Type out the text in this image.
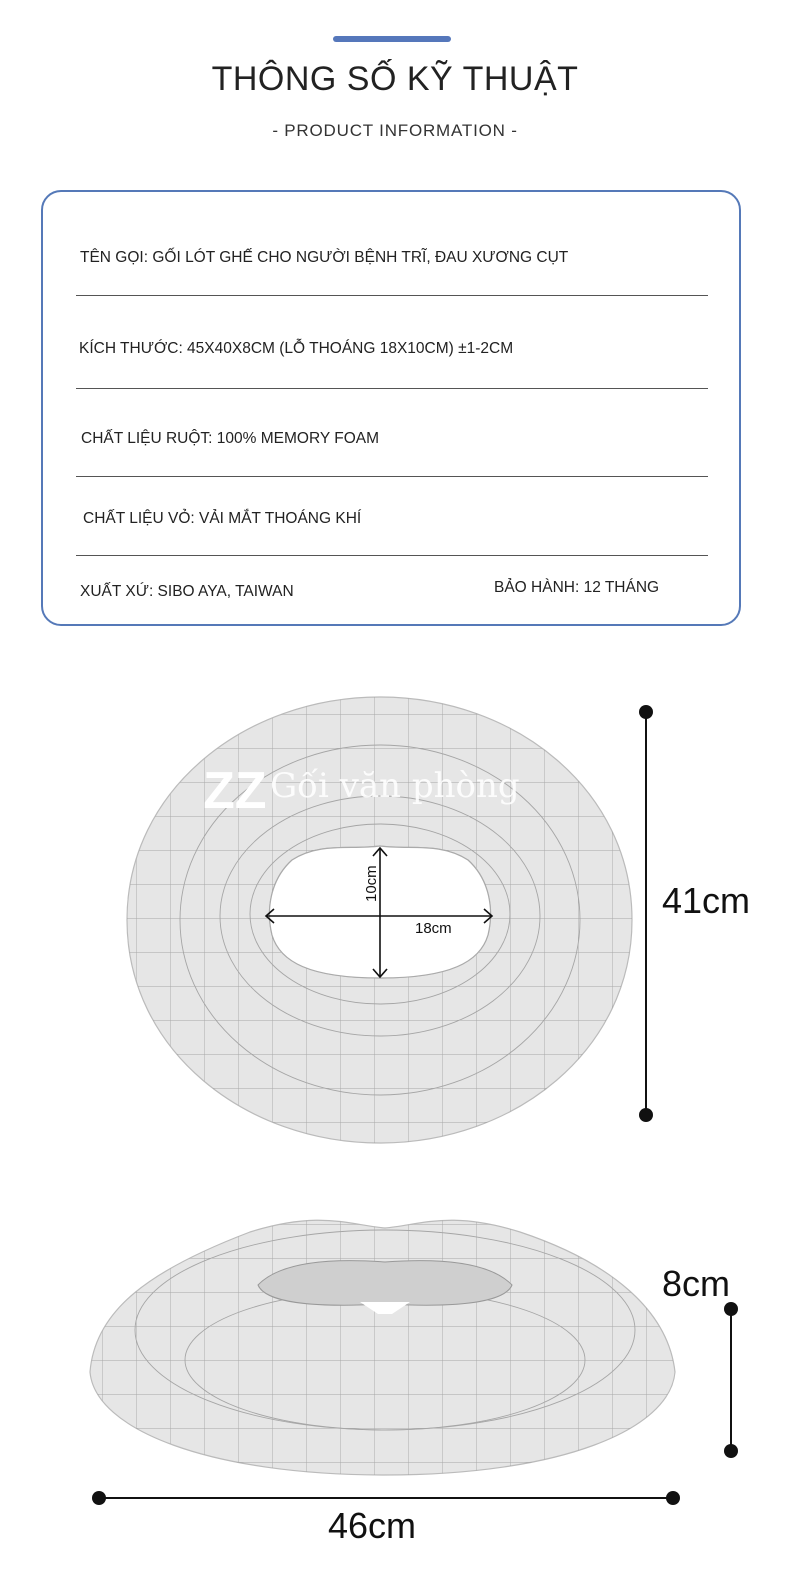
THÔNG SỐ KỸ THUẬT
- PRODUCT INFORMATION -
TÊN GỌI: GỐI LÓT GHẾ CHO NGƯỜI BỆNH TRĨ, ĐAU XƯƠNG CỤT
KÍCH THƯỚC: 45X40X8CM (LỖ THOÁNG 18X10CM) ±1-2CM
CHẤT LIỆU RUỘT: 100% MEMORY FOAM
CHẤT LIỆU VỎ: VẢI MẮT THOÁNG KHÍ
XUẤT XỨ: SIBO AYA, TAIWAN	BẢO HÀNH: 12 THÁNG
ZZ Gối văn phòng
10cm
18cm
41cm
8cm
46cm
